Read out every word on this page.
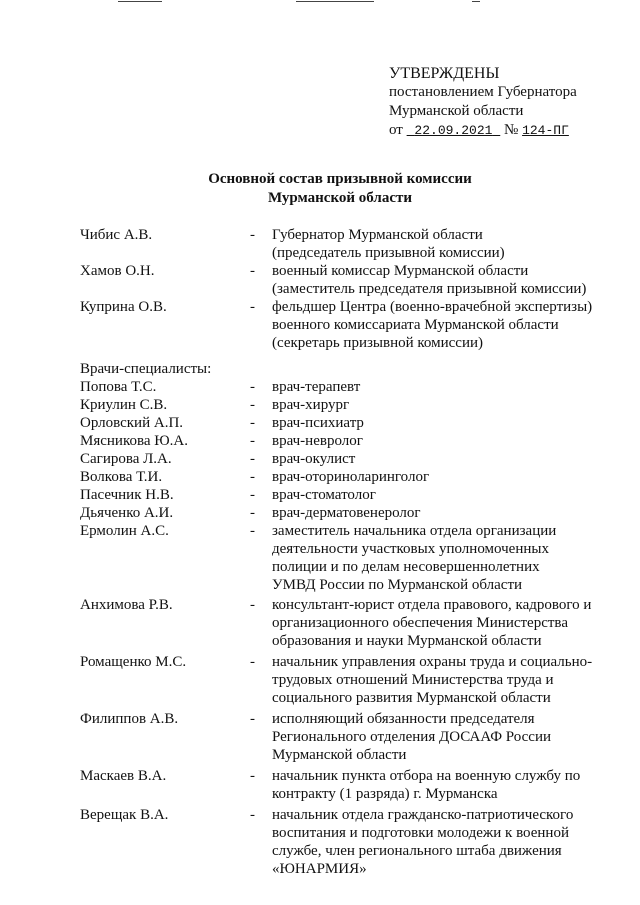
УТВЕРЖДЕНЫ
постановлением Губернатора
Мурманской области
от 22.09.2021 № 124-ПГ
Основной состав призывной комиссии
Мурманской области
Чибис А.В.	-	Губернатор Мурманской области
(председатель призывной комиссии)
Хамов О.Н.	-	военный комиссар Мурманской области
(заместитель председателя призывной комиссии)
Куприна О.В.	-	фельдшер Центра (военно-врачебной экспертизы)
военного комиссариата Мурманской области
(секретарь призывной комиссии)
Врачи-специалисты:
Попова Т.С.	-	врач-терапевт
Криулин С.В.	-	врач-хирург
Орловский А.П.	-	врач-психиатр
Мясникова Ю.А.	-	врач-невролог
Сагирова Л.А.	-	врач-окулист
Волкова Т.И.	-	врач-оториноларинголог
Пасечник Н.В.	-	врач-стоматолог
Дьяченко А.И.	-	врач-дерматовенеролог
Ермолин А.С.	-	заместитель начальника отдела организации
деятельности участковых уполномоченных
полиции и по делам несовершеннолетних
УМВД России по Мурманской области
Анхимова Р.В.	-	консультант-юрист отдела правового, кадрового и
организационного обеспечения Министерства
образования и науки Мурманской области
Ромащенко М.С.	-	начальник управления охраны труда и социально-
трудовых отношений Министерства труда и
социального развития Мурманской области
Филиппов А.В.	-	исполняющий обязанности председателя
Регионального отделения ДОСААФ России
Мурманской области
Маскаев В.А.	-	начальник пункта отбора на военную службу по
контракту (1 разряда) г. Мурманска
Верещак В.А.	-	начальник отдела гражданско-патриотического
воспитания и подготовки молодежи к военной
службе, член регионального штаба движения
«ЮНАРМИЯ»
